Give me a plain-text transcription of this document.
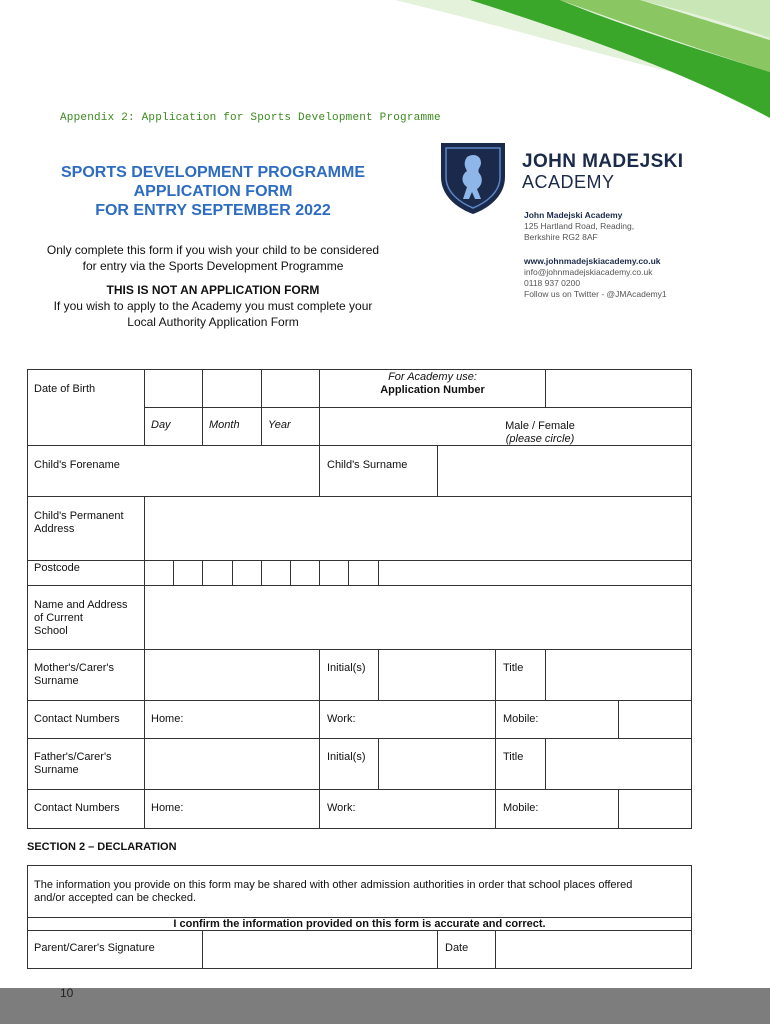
Appendix 2: Application for Sports Development Programme
SPORTS DEVELOPMENT PROGRAMME
APPLICATION FORM
FOR ENTRY SEPTEMBER 2022
Only complete this form if you wish your child to be considered
for entry via the Sports Development Programme
THIS IS NOT AN APPLICATION FORM
If you wish to apply to the Academy you must complete your
Local Authority Application Form
JOHN MADEJSKI
ACADEMY
John Madejski Academy
125 Hartland Road, Reading,
Berkshire RG2 8AF
www.johnmadejskiacademy.co.uk
info@johnmadejskiacademy.co.uk
0118 937 0200
Follow us on Twitter - @JMAcademy1
Date of Birth
For Academy use:
Application Number
Day	Month	Year	Male / Female
(please circle)
Child's Forename	Child's Surname
Child's Permanent
Address
Postcode
Name and Address
of Current
School
Mother's/Carer's
Surname
Initial(s)	Title
Contact Numbers	Home:	Work:	Mobile:
Father's/Carer's
Surname
Initial(s)	Title
Contact Numbers	Home:	Work:	Mobile:
SECTION 2 – DECLARATION
The information you provide on this form may be shared with other admission authorities in order that school places offered
and/or accepted can be checked.
I confirm the information provided on this form is accurate and correct.
Parent/Carer's Signature	Date
10
